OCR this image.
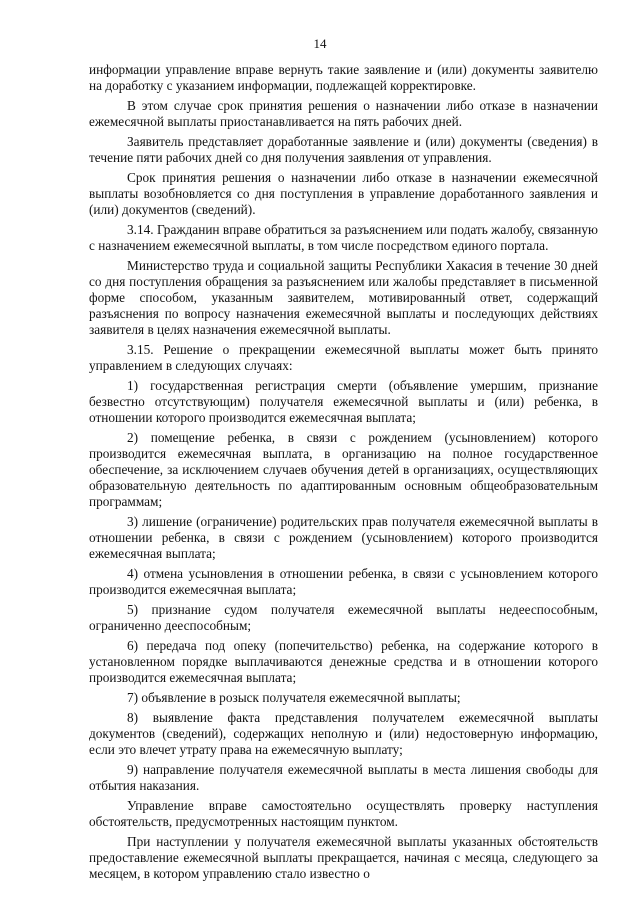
14

информации управление вправе вернуть такие заявление и (или) документы заявителю на доработку с указанием информации, подлежащей корректировке.

В этом случае срок принятия решения о назначении либо отказе в назначении ежемесячной выплаты приостанавливается на пять рабочих дней.

Заявитель представляет доработанные заявление и (или) документы (сведения) в течение пяти рабочих дней со дня получения заявления от управления.

Срок принятия решения о назначении либо отказе в назначении ежемесячной выплаты возобновляется со дня поступления в управление доработанного заявления и (или) документов (сведений).

3.14. Гражданин вправе обратиться за разъяснением или подать жалобу, связанную с назначением ежемесячной выплаты, в том числе посредством единого портала.

Министерство труда и социальной защиты Республики Хакасия в течение 30 дней со дня поступления обращения за разъяснением или жалобы представляет в письменной форме способом, указанным заявителем, мотивированный ответ, содержащий разъяснения по вопросу назначения ежемесячной выплаты и последующих действиях заявителя в целях назначения ежемесячной выплаты.

3.15. Решение о прекращении ежемесячной выплаты может быть принято управлением в следующих случаях:

1) государственная регистрация смерти (объявление умершим, признание безвестно отсутствующим) получателя ежемесячной выплаты и (или) ребенка, в отношении которого производится ежемесячная выплата;

2) помещение ребенка, в связи с рождением (усыновлением) которого производится ежемесячная выплата, в организацию на полное государственное обеспечение, за исключением случаев обучения детей в организациях, осуществляющих образовательную деятельность по адаптированным основным общеобразовательным программам;

3) лишение (ограничение) родительских прав получателя ежемесячной выплаты в отношении ребенка, в связи с рождением (усыновлением) которого производится ежемесячная выплата;

4) отмена усыновления в отношении ребенка, в связи с усыновлением которого производится ежемесячная выплата;

5) признание судом получателя ежемесячной выплаты недееспособным, ограниченно дееспособным;

6) передача под опеку (попечительство) ребенка, на содержание которого в установленном порядке выплачиваются денежные средства и в отношении которого производится ежемесячная выплата;

7) объявление в розыск получателя ежемесячной выплаты;

8) выявление факта представления получателем ежемесячной выплаты документов (сведений), содержащих неполную и (или) недостоверную информацию, если это влечет утрату права на ежемесячную выплату;

9) направление получателя ежемесячной выплаты в места лишения свободы для отбытия наказания.

Управление вправе самостоятельно осуществлять проверку наступления обстоятельств, предусмотренных настоящим пунктом.

При наступлении у получателя ежемесячной выплаты указанных обстоятельств предоставление ежемесячной выплаты прекращается, начиная с месяца, следующего за месяцем, в котором управлению стало известно о
